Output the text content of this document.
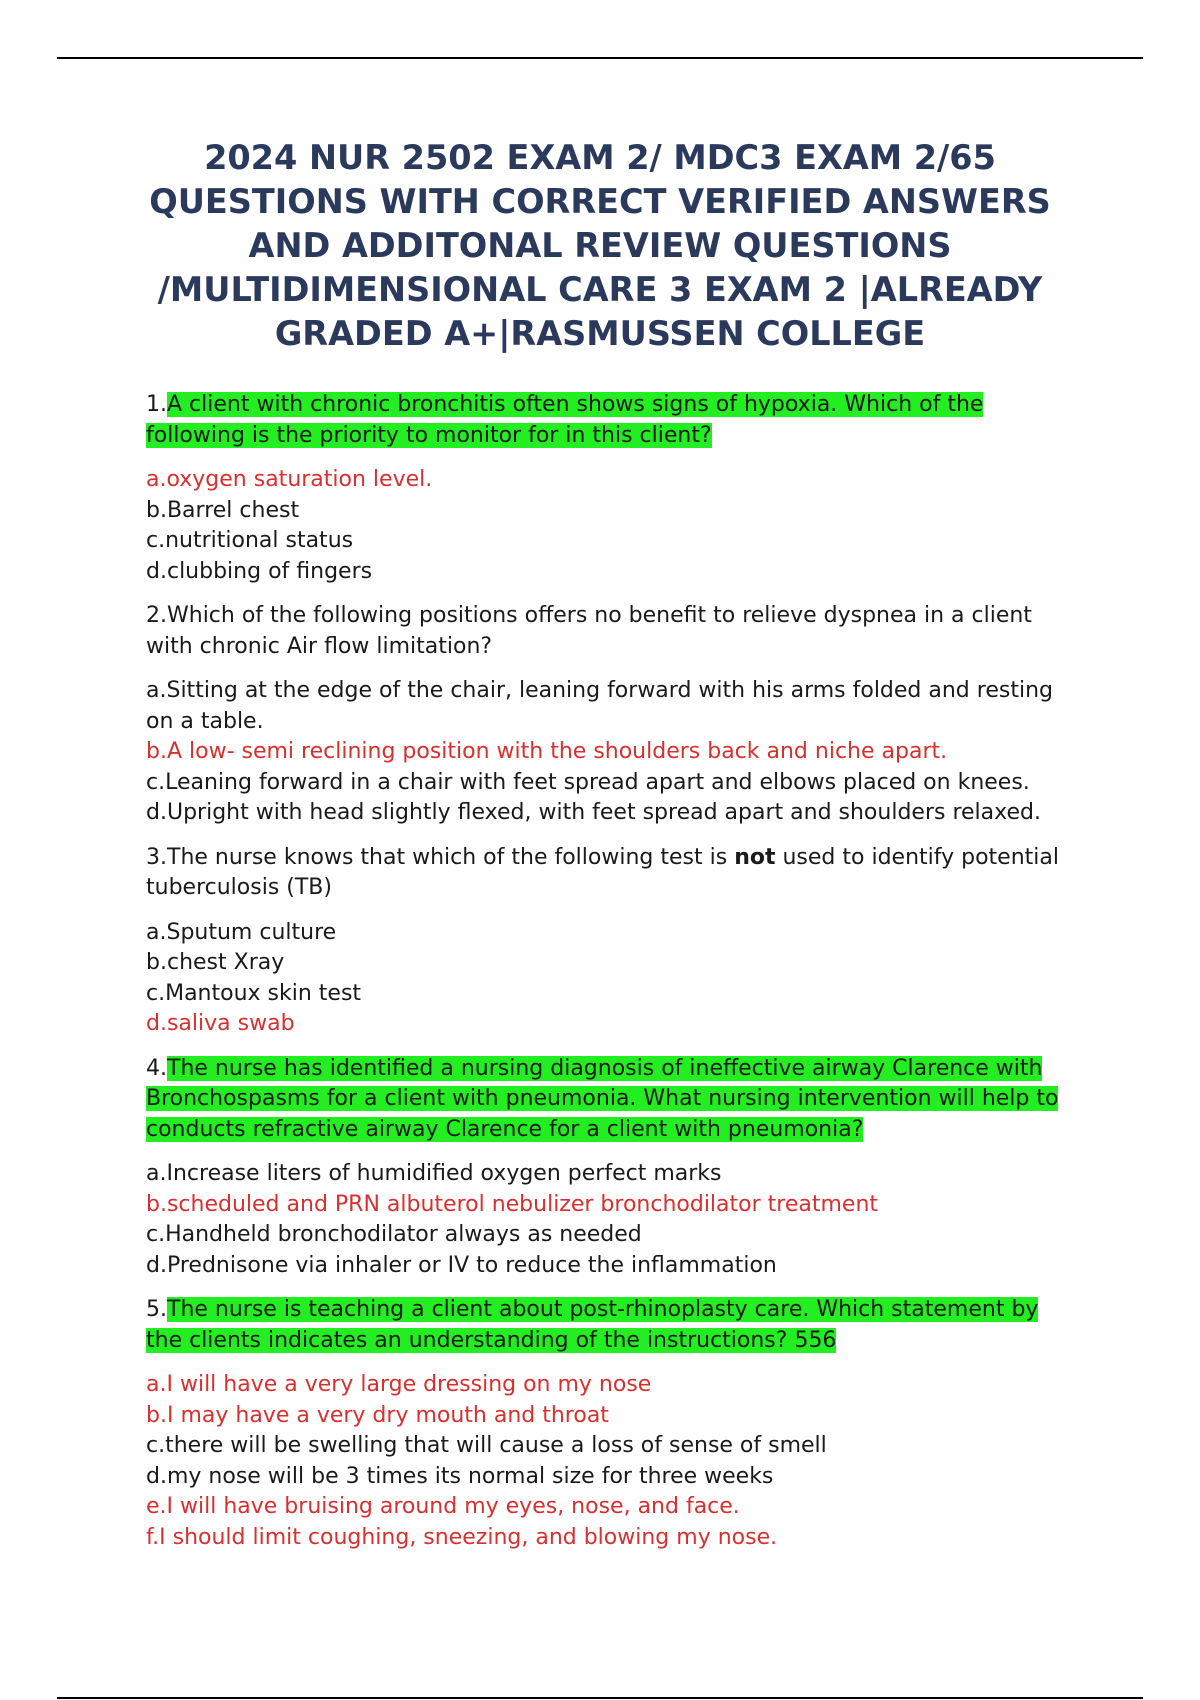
2024 NUR 2502 EXAM 2/ MDC3 EXAM 2/65 QUESTIONS WITH CORRECT VERIFIED ANSWERS AND ADDITONAL REVIEW QUESTIONS /MULTIDIMENSIONAL CARE 3 EXAM 2 |ALREADY GRADED A+|RASMUSSEN COLLEGE

1.A client with chronic bronchitis often shows signs of hypoxia. Which of the following is the priority to monitor for in this client?

a.oxygen saturation level.
b.Barrel chest
c.nutritional status
d.clubbing of fingers

2.Which of the following positions offers no benefit to relieve dyspnea in a client with chronic Air flow limitation?

a.Sitting at the edge of the chair, leaning forward with his arms folded and resting on a table.
b.A low- semi reclining position with the shoulders back and niche apart.
c.Leaning forward in a chair with feet spread apart and elbows placed on knees.
d.Upright with head slightly flexed, with feet spread apart and shoulders relaxed.

3.The nurse knows that which of the following test is not used to identify potential tuberculosis (TB)

a.Sputum culture
b.chest Xray
c.Mantoux skin test
d.saliva swab

4.The nurse has identified a nursing diagnosis of ineffective airway Clarence with Bronchospasms for a client with pneumonia. What nursing intervention will help to conducts refractive airway Clarence for a client with pneumonia?

a.Increase liters of humidified oxygen perfect marks
b.scheduled and PRN albuterol nebulizer bronchodilator treatment
c.Handheld bronchodilator always as needed
d.Prednisone via inhaler or IV to reduce the inflammation

5.The nurse is teaching a client about post-rhinoplasty care. Which statement by the clients indicates an understanding of the instructions? 556

a.I will have a very large dressing on my nose
b.I may have a very dry mouth and throat
c.there will be swelling that will cause a loss of sense of smell
d.my nose will be 3 times its normal size for three weeks
e.I will have bruising around my eyes, nose, and face.
f.I should limit coughing, sneezing, and blowing my nose.
